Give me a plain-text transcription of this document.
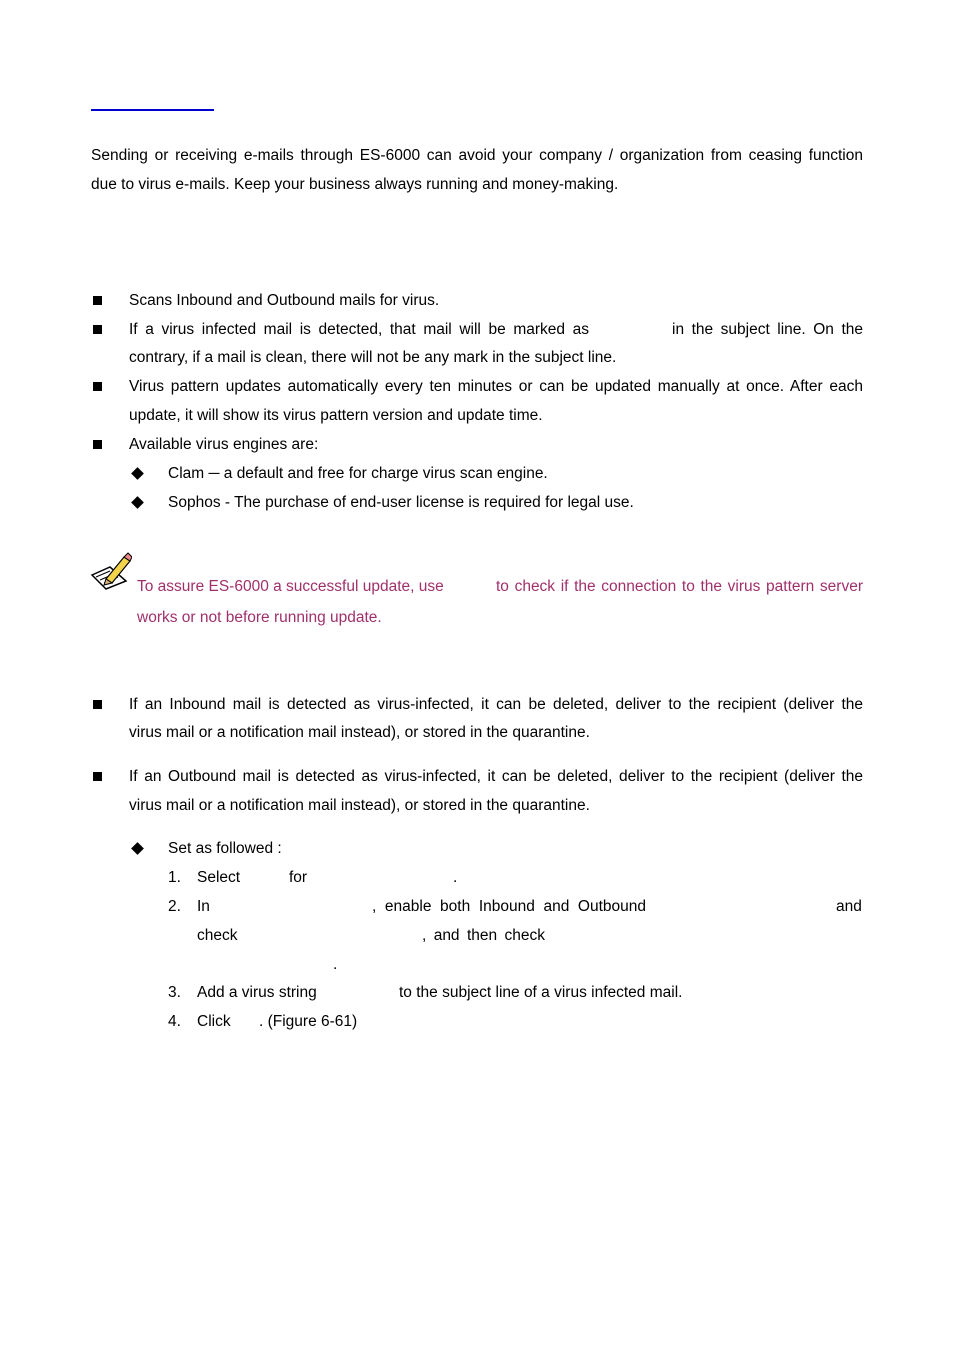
Sending or receiving e-mails through ES-6000 can avoid your company / organization from ceasing function
due to virus e-mails. Keep your business always running and money-making.
Scans Inbound and Outbound mails for virus.
If a virus infected mail is detected, that mail will be marked as	in the subject line. On the
contrary, if a mail is clean, there will not be any mark in the subject line.
Virus pattern updates automatically every ten minutes or can be updated manually at once. After each
update, it will show its virus pattern version and update time.
Available virus engines are:
Clam ─ a default and free for charge virus scan engine.
Sophos - The purchase of end-user license is required for legal use.
To assure ES-6000 a successful update, use	to check if the connection to the virus pattern server
works or not before running update.
If an Inbound mail is detected as virus-infected, it can be deleted, deliver to the recipient (deliver the
virus mail or a notification mail instead), or stored in the quarantine.
If an Outbound mail is detected as virus-infected, it can be deleted, deliver to the recipient (deliver the
virus mail or a notification mail instead), or stored in the quarantine.
Set as followed :
1. Select	for	.
2. In	, enable both Inbound and Outbound	and
check	, and then check
.
3. Add a virus string	to the subject line of a virus infected mail.
4. Click . (Figure 6-61)
